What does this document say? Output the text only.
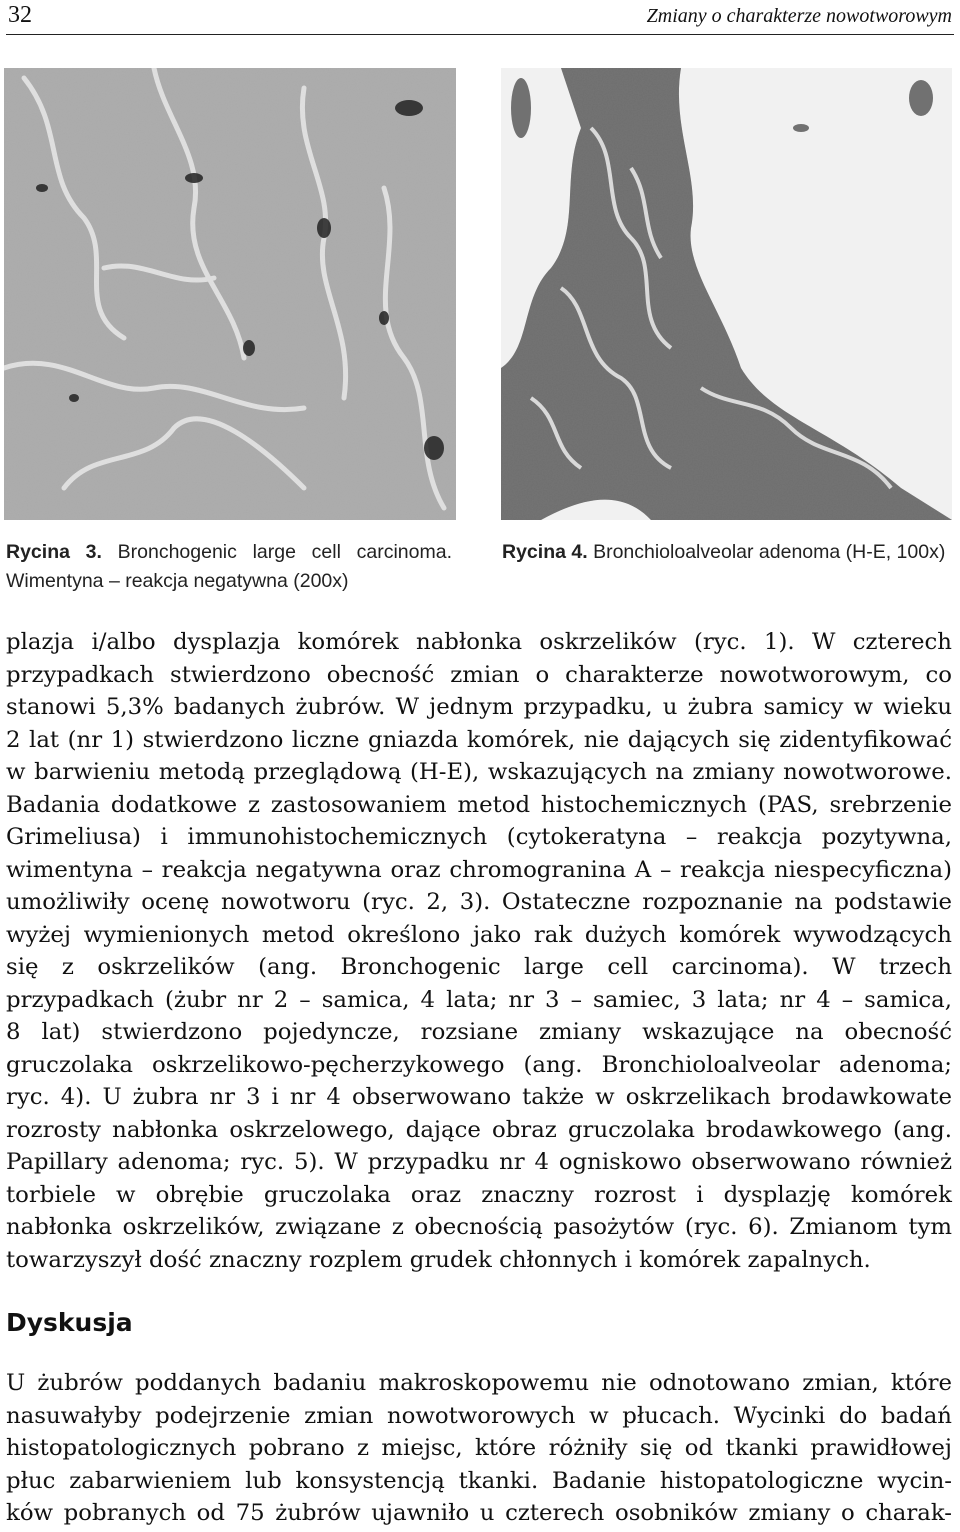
32	Zmiany o charakterze nowotworowym
Rycina 3. Bronchogenic large cell carcinoma. Wimentyna – reakcja negatywna (200x)
Rycina 4. Bronchioloalveolar adenoma (H-E, 100x)
plazja i/albo dysplazja komórek nabłonka oskrzelików (ryc. 1). W czterech
przypadkach stwierdzono obecność zmian o charakterze nowotworowym, co
stanowi 5,3% badanych żubrów. W jednym przypadku, u żubra samicy w wieku
2 lat (nr 1) stwierdzono liczne gniazda komórek, nie dających się zidentyfikować
w barwieniu metodą przeglądową (H-E), wskazujących na zmiany nowotworowe.
Badania dodatkowe z zastosowaniem metod histochemicznych (PAS, srebrzenie
Grimeliusa) i immunohistochemicznych (cytokeratyna – reakcja pozytywna,
wimentyna – reakcja negatywna oraz chromogranina A – reakcja niespecyficzna)
umożliwiły ocenę nowotworu (ryc. 2, 3). Ostateczne rozpoznanie na podstawie
wyżej wymienionych metod określono jako rak dużych komórek wywodzących
się z oskrzelików (ang. Bronchogenic large cell carcinoma). W trzech
przypadkach (żubr nr 2 – samica, 4 lata; nr 3 – samiec, 3 lata; nr 4 – samica,
8 lat) stwierdzono pojedyncze, rozsiane zmiany wskazujące na obecność
gruczolaka oskrzelikowo-pęcherzykowego (ang. Bronchioloalveolar adenoma;
ryc. 4). U żubra nr 3 i nr 4 obserwowano także w oskrzelikach brodawkowate
rozrosty nabłonka oskrzelowego, dające obraz gruczolaka brodawkowego (ang.
Papillary adenoma; ryc. 5). W przypadku nr 4 ogniskowo obserwowano również
torbiele w obrębie gruczolaka oraz znaczny rozrost i dysplazję komórek
nabłonka oskrzelików, związane z obecnością pasożytów (ryc. 6). Zmianom tym
towarzyszył dość znaczny rozplem grudek chłonnych i komórek zapalnych.
Dyskusja
U żubrów poddanych badaniu makroskopowemu nie odnotowano zmian, które
nasuwałyby podejrzenie zmian nowotworowych w płucach. Wycinki do badań
histopatologicznych pobrano z miejsc, które różniły się od tkanki prawidłowej
płuc zabarwieniem lub konsystencją tkanki. Badanie histopatologiczne wycin-
ków pobranych od 75 żubrów ujawniło u czterech osobników zmiany o charak-
